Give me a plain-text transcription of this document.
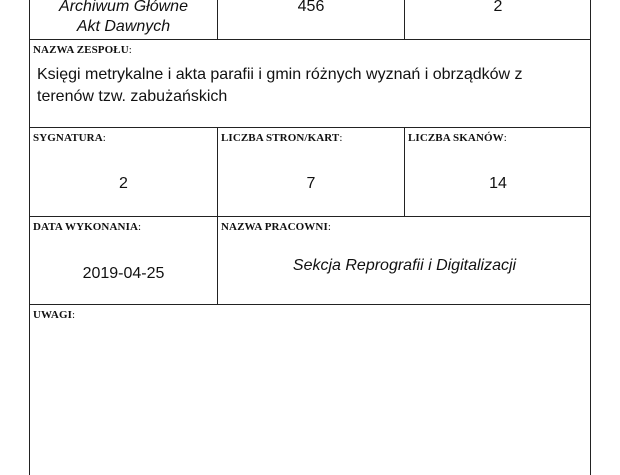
Archiwum Główne
Akt Dawnych
456	2
NAZWA ZESPOŁU:
Księgi metrykalne i akta parafii i gmin różnych wyznań i obrządków z terenów tzw. zabużańskich
SYGNATURA:
2
LICZBA STRON/KART:
7
LICZBA SKANÓW:
14
DATA WYKONANIA:
2019-04-25
NAZWA PRACOWNI:
Sekcja Reprografii i Digitalizacji
UWAGI:
